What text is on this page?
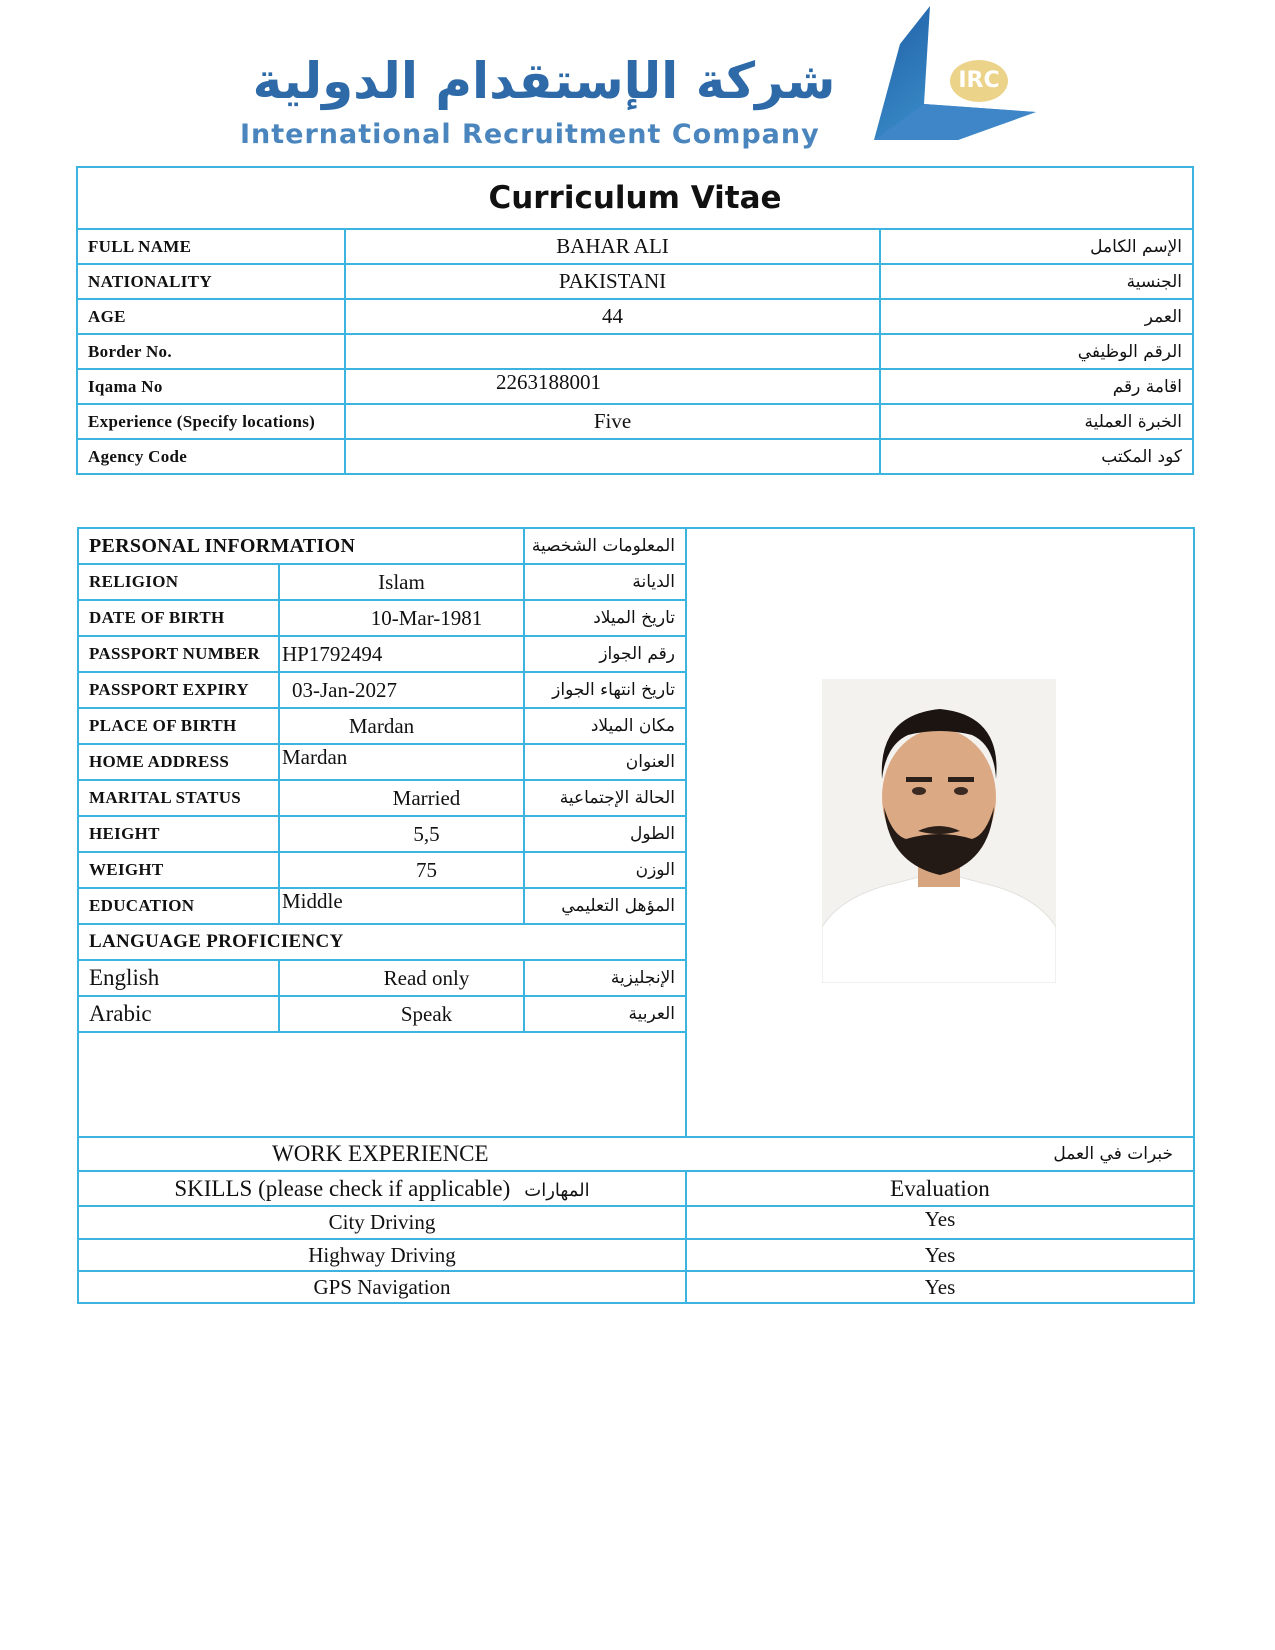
شركة الإستقدام الدولية
International Recruitment Company
IRC
Curriculum Vitae		
FULL NAME	BAHAR ALI	الإسم الكامل
NATIONALITY	PAKISTANI	الجنسية
AGE	44	العمر
Border No.		الرقم الوظيفي
Iqama No	2263188001	اقامة رقم
Experience (Specify locations)	Five	الخبرة العملية
Agency Code		كود المكتب
PERSONAL INFORMATION		المعلومات الشخصية	

RELIGION	Islam	الديانة	
DATE OF BIRTH	10-Mar-1981	تاريخ الميلاد	
PASSPORT NUMBER	HP1792494	رقم الجواز	
PASSPORT EXPIRY	03-Jan-2027	تاريخ انتهاء الجواز	
PLACE OF BIRTH	Mardan	مكان الميلاد	
HOME ADDRESS	Mardan	العنوان	
MARITAL STATUS	Married	الحالة الإجتماعية	
HEIGHT	5,5	الطول	
WEIGHT	75	الوزن	
EDUCATION	Middle	المؤهل التعليمي	
LANGUAGE PROFICIENCY			
English	Read only	الإنجليزية	
Arabic	Speak	العربية	

WORK EXPERIENCE خبرات في العمل			

SKILLS (please check if applicable) المهارات			Evaluation
City Driving			Yes
Highway Driving			Yes
GPS Navigation			Yes
